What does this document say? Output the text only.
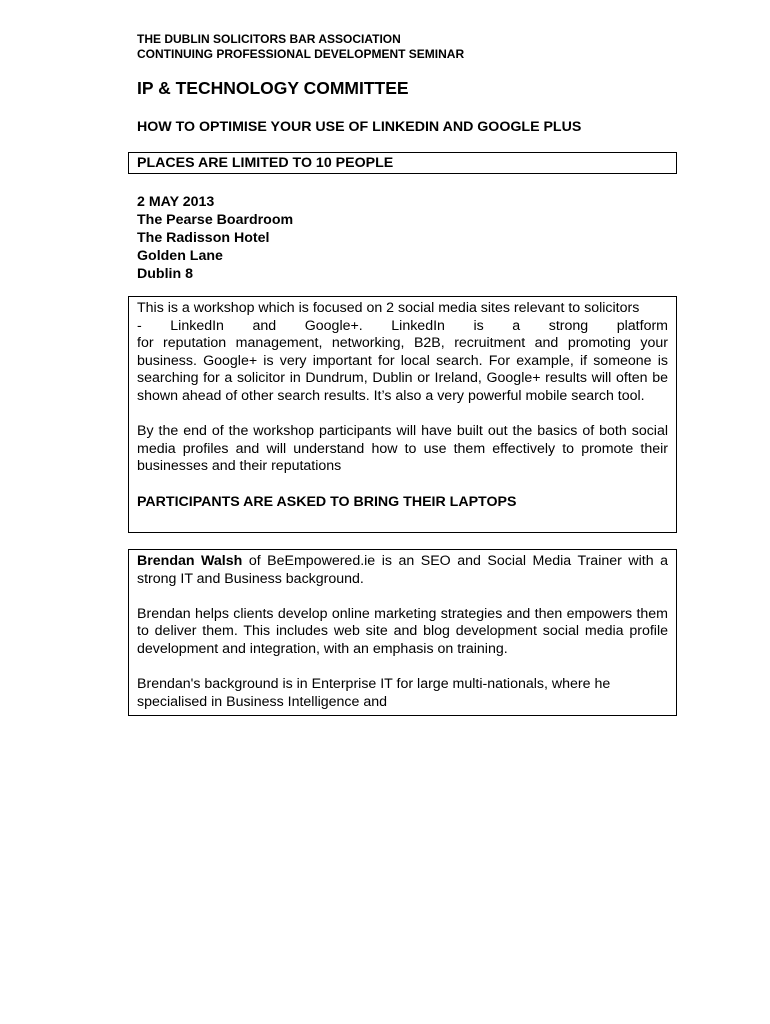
THE DUBLIN SOLICITORS BAR ASSOCIATION
CONTINUING PROFESSIONAL DEVELOPMENT SEMINAR
IP & TECHNOLOGY COMMITTEE
HOW TO OPTIMISE YOUR USE OF LINKEDIN AND GOOGLE PLUS
PLACES ARE LIMITED TO 10 PEOPLE
2 MAY 2013
The Pearse Boardroom
The Radisson Hotel
Golden Lane
Dublin 8

This is a workshop which is focused on 2 social media sites relevant to solicitors
- LinkedIn and Google+. LinkedIn is a strong platform
for reputation management, networking, B2B, recruitment and promoting your business. Google+ is very important for local search. For example, if someone is searching for a solicitor in Dundrum, Dublin or Ireland, Google+ results will often be shown ahead of other search results. It’s also a very powerful mobile search tool.

By the end of the workshop participants will have built out the basics of both social media profiles and will understand how to use them effectively to promote their businesses and their reputations

PARTICIPANTS ARE ASKED TO BRING THEIR LAPTOPS

Brendan Walsh of BeEmpowered.ie is an SEO and Social Media Trainer with a strong IT and Business background.

Brendan helps clients develop online marketing strategies and then empowers them to deliver them. This includes web site and blog development social media profile development and integration, with an emphasis on training.

Brendan's background is in Enterprise IT for large multi-nationals, where he specialised in Business Intelligence and
